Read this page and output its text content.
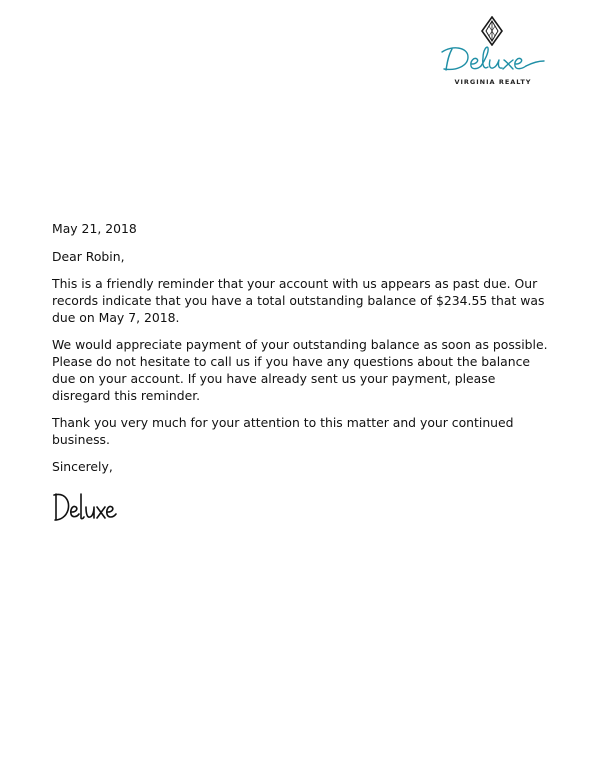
VIRGINIA REALTY

May 21, 2018

Dear Robin,

This is a friendly reminder that your account with us appears as past due. Our records indicate that you have a total outstanding balance of $234.55 that was due on May 7, 2018.

We would appreciate payment of your outstanding balance as soon as possible. Please do not hesitate to call us if you have any questions about the balance due on your account. If you have already sent us your payment, please disregard this reminder.

Thank you very much for your attention to this matter and your continued business.

Sincerely,
